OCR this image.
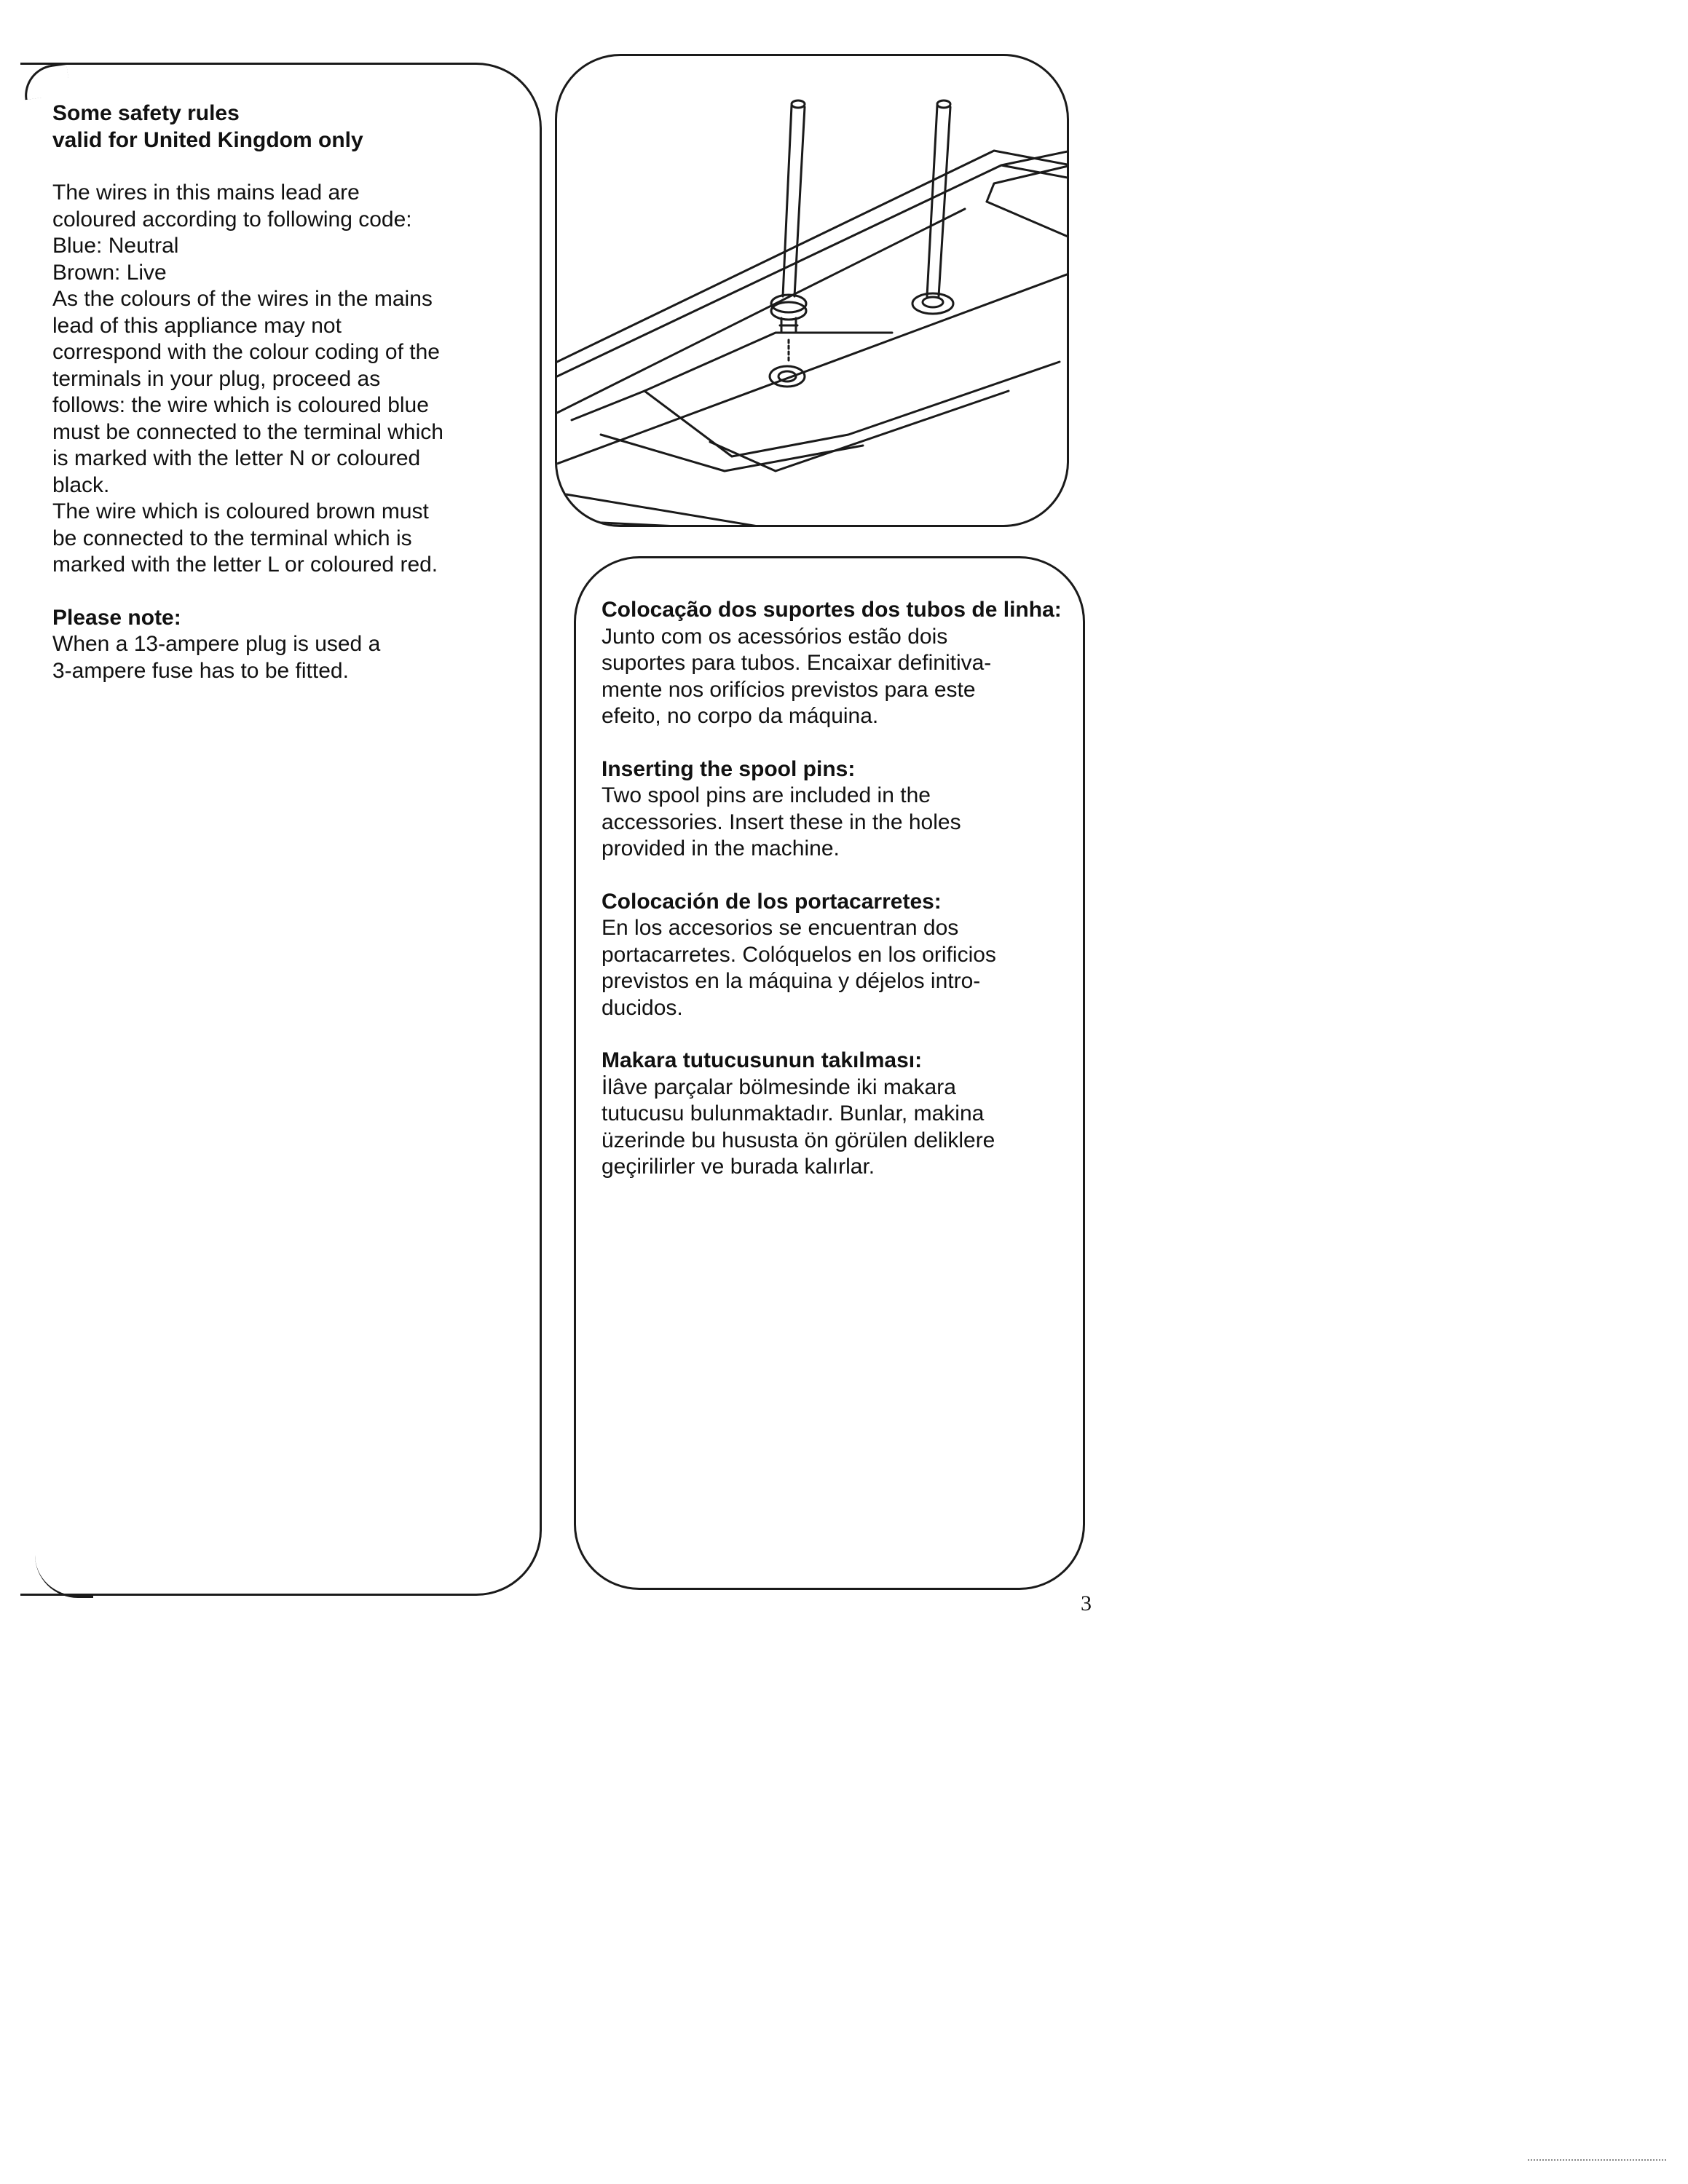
Some safety rules
valid for United Kingdom only
The wires in this mains lead are
coloured according to following code:
Blue: Neutral
Brown: Live
As the colours of the wires in the mains
lead of this appliance may not
correspond with the colour coding of the
terminals in your plug, proceed as
follows: the wire which is coloured blue
must be connected to the terminal which
is marked with the letter N or coloured
black.
The wire which is coloured brown must
be connected to the terminal which is
marked with the letter L or coloured red.
Please note:
When a 13-ampere plug is used a
3-ampere fuse has to be fitted.
Colocação dos suportes dos tubos de linha:
Junto com os acessórios estão dois
suportes para tubos. Encaixar definitiva-
mente nos orifícios previstos para este
efeito, no corpo da máquina.
Inserting the spool pins:
Two spool pins are included in the
accessories. Insert these in the holes
provided in the machine.
Colocación de los portacarretes:
En los accesorios se encuentran dos
portacarretes. Colóquelos en los orificios
previstos en la máquina y déjelos intro-
ducidos.
Makara tutucusunun takılması:
İlâve parçalar bölmesinde iki makara
tutucusu bulunmaktadır. Bunlar, makina
üzerinde bu hususta ön görülen deliklere
geçirilirler ve burada kalırlar.
3
